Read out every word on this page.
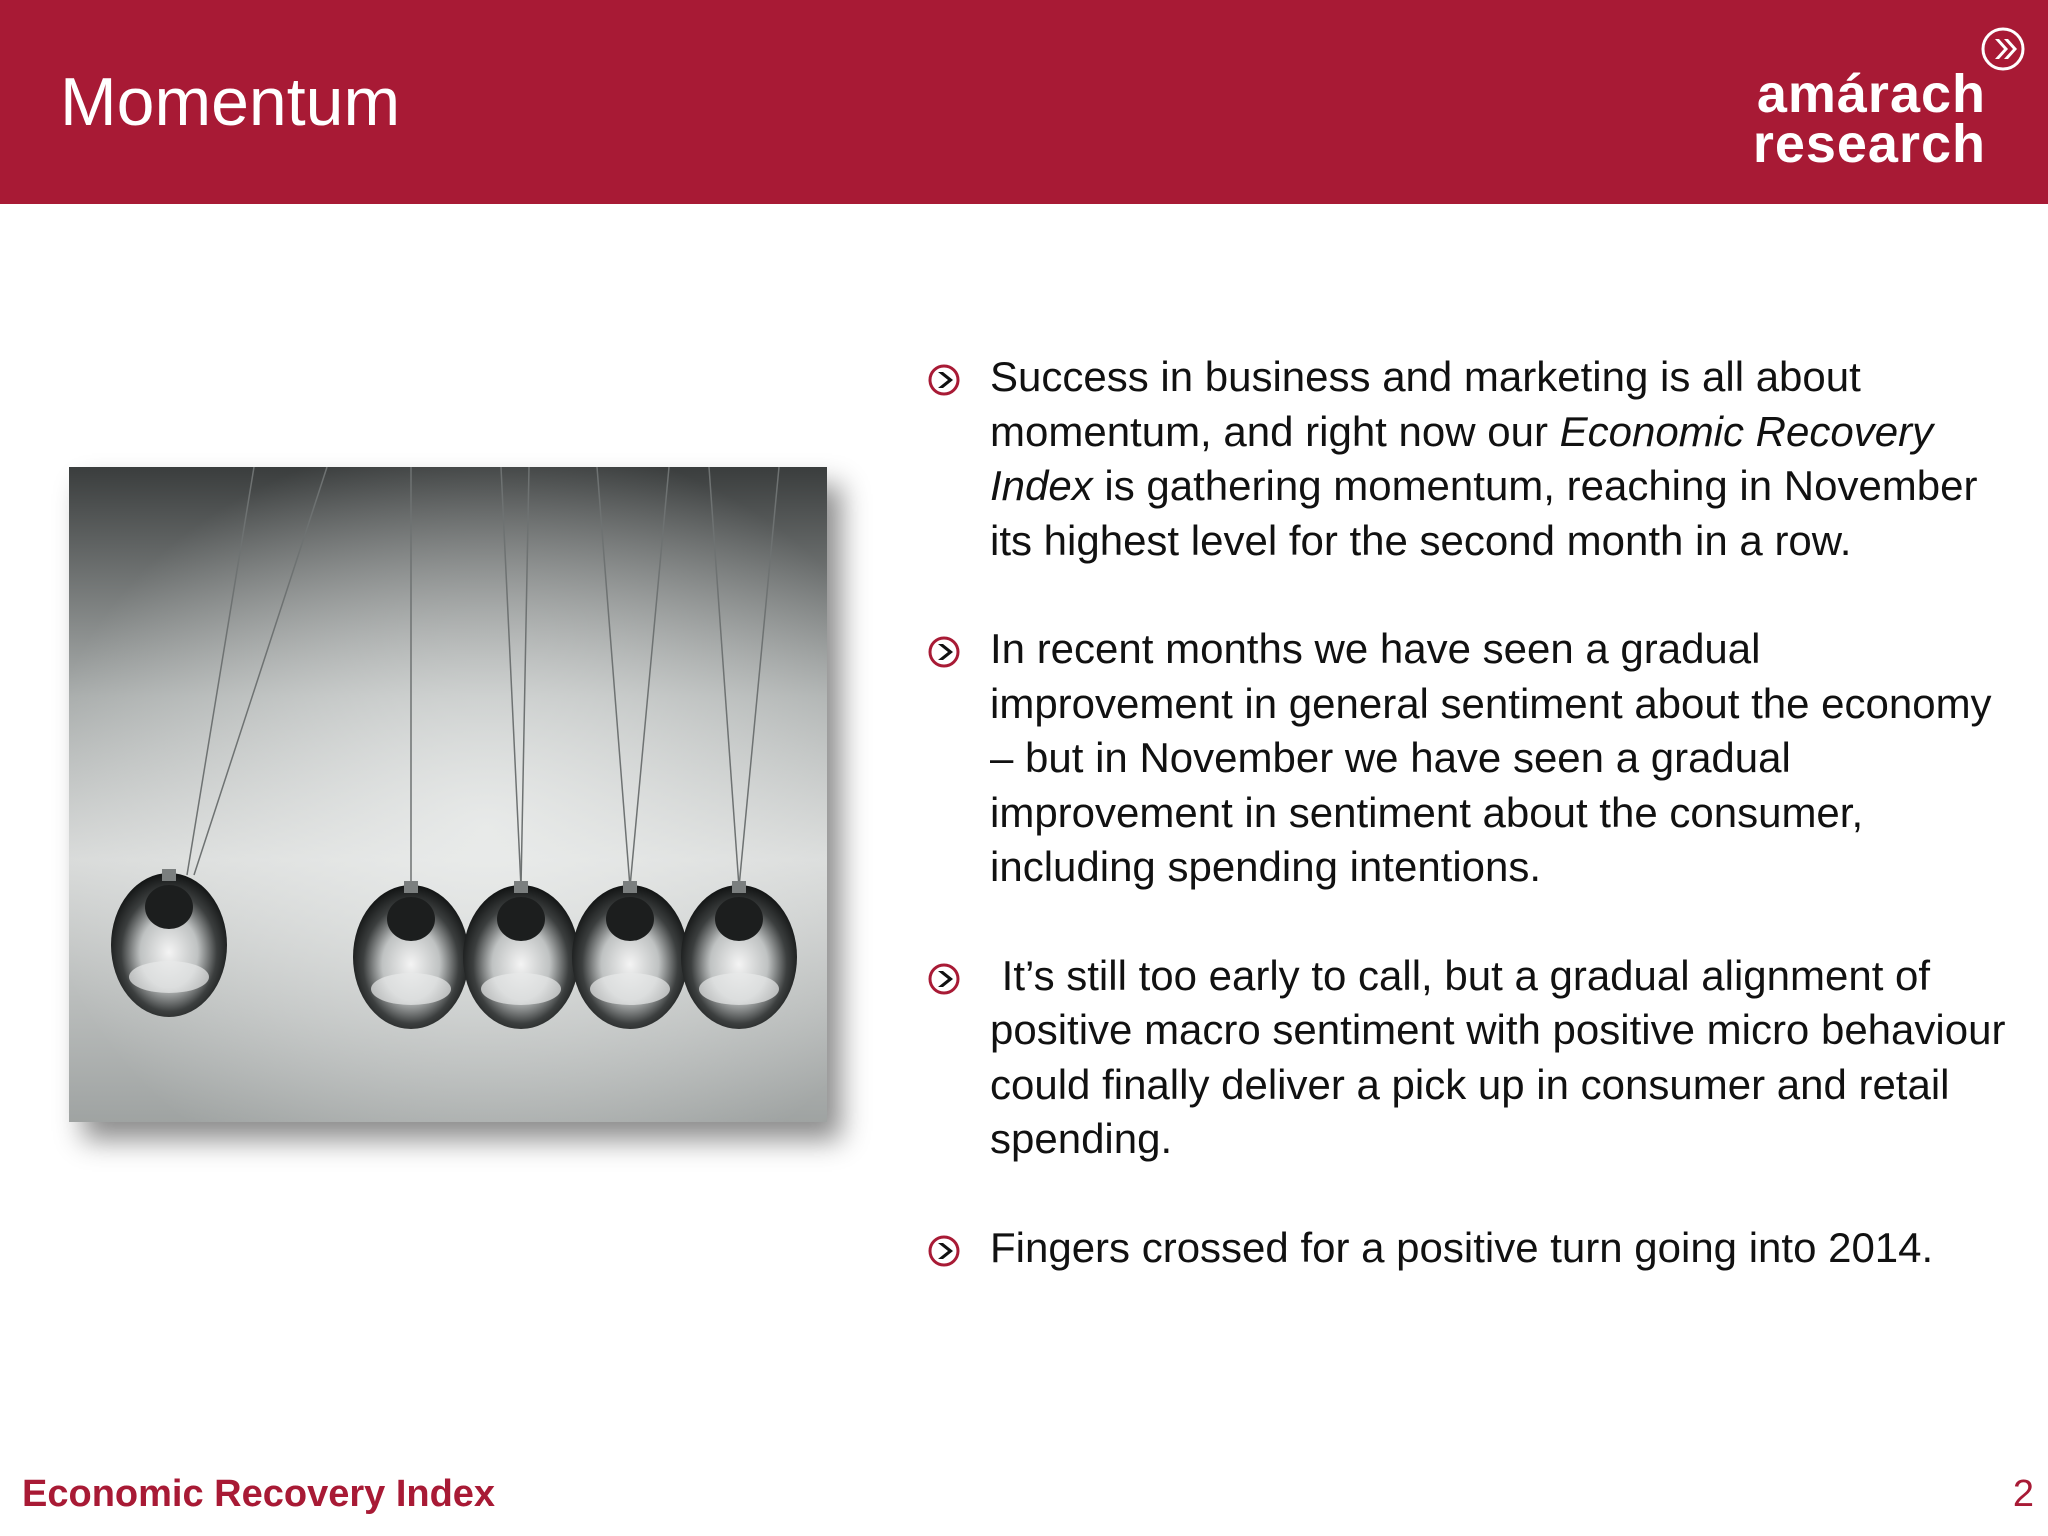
Momentum	amárach
research
Success in business and marketing is all about momentum, and right now our Economic Recovery Index is gathering momentum, reaching in November its highest level for the second month in a row.
In recent months we have seen a gradual improvement in general sentiment about the economy – but in November we have seen a gradual improvement in sentiment about the consumer, including spending intentions.
It’s still too early to call, but a gradual alignment of positive macro sentiment with positive micro behaviour could finally deliver a pick up in consumer and retail spending.
Fingers crossed for a positive turn going into 2014.
Economic Recovery Index	2
